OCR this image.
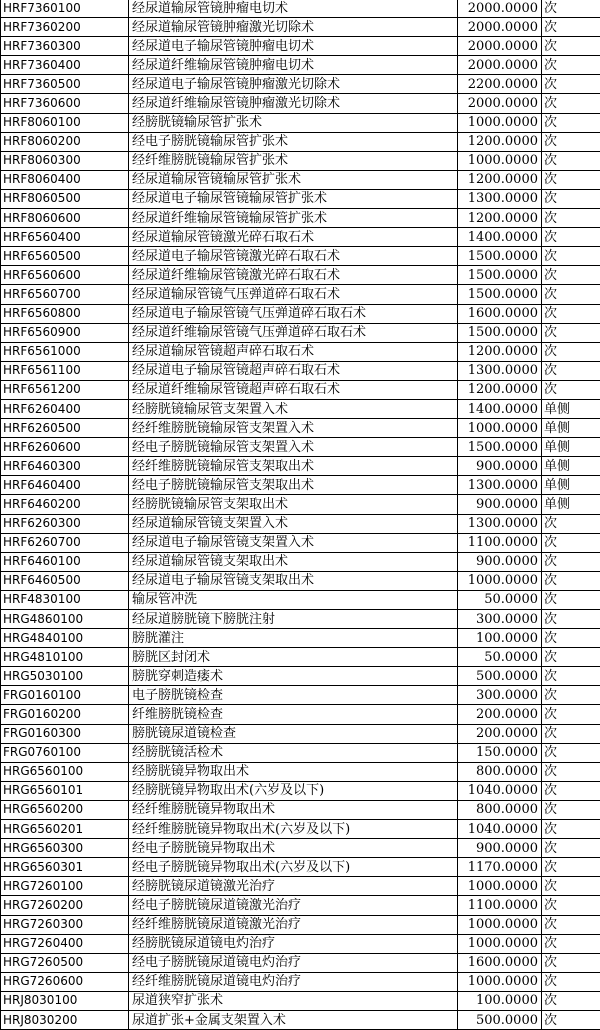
HRF7360100	经尿道输尿管镜肿瘤电切术	2000.0000	次
HRF7360200	经尿道输尿管镜肿瘤激光切除术	2000.0000	次
HRF7360300	经尿道电子输尿管镜肿瘤电切术	2000.0000	次
HRF7360400	经尿道纤维输尿管镜肿瘤电切术	2000.0000	次
HRF7360500	经尿道电子输尿管镜肿瘤激光切除术	2200.0000	次
HRF7360600	经尿道纤维输尿管镜肿瘤激光切除术	2000.0000	次
HRF8060100	经膀胱镜输尿管扩张术	1000.0000	次
HRF8060200	经电子膀胱镜输尿管扩张术	1200.0000	次
HRF8060300	经纤维膀胱镜输尿管扩张术	1000.0000	次
HRF8060400	经尿道输尿管镜输尿管扩张术	1200.0000	次
HRF8060500	经尿道电子输尿管镜输尿管扩张术	1300.0000	次
HRF8060600	经尿道纤维输尿管镜输尿管扩张术	1200.0000	次
HRF6560400	经尿道输尿管镜激光碎石取石术	1400.0000	次
HRF6560500	经尿道电子输尿管镜激光碎石取石术	1500.0000	次
HRF6560600	经尿道纤维输尿管镜激光碎石取石术	1500.0000	次
HRF6560700	经尿道输尿管镜气压弹道碎石取石术	1500.0000	次
HRF6560800	经尿道电子输尿管镜气压弹道碎石取石术	1600.0000	次
HRF6560900	经尿道纤维输尿管镜气压弹道碎石取石术	1500.0000	次
HRF6561000	经尿道输尿管镜超声碎石取石术	1200.0000	次
HRF6561100	经尿道电子输尿管镜超声碎石取石术	1300.0000	次
HRF6561200	经尿道纤维输尿管镜超声碎石取石术	1200.0000	次
HRF6260400	经膀胱镜输尿管支架置入术	1400.0000	单侧
HRF6260500	经纤维膀胱镜输尿管支架置入术	1000.0000	单侧
HRF6260600	经电子膀胱镜输尿管支架置入术	1500.0000	单侧
HRF6460300	经纤维膀胱镜输尿管支架取出术	900.0000	单侧
HRF6460400	经电子膀胱镜输尿管支架取出术	1300.0000	单侧
HRF6460200	经膀胱镜输尿管支架取出术	900.0000	单侧
HRF6260300	经尿道输尿管镜支架置入术	1300.0000	次
HRF6260700	经尿道电子输尿管镜支架置入术	1100.0000	次
HRF6460100	经尿道输尿管镜支架取出术	900.0000	次
HRF6460500	经尿道电子输尿管镜支架取出术	1000.0000	次
HRF4830100	输尿管冲洗	50.0000	次
HRG4860100	经尿道膀胱镜下膀胱注射	300.0000	次
HRG4840100	膀胱灌注	100.0000	次
HRG4810100	膀胱区封闭术	50.0000	次
HRG5030100	膀胱穿刺造瘘术	500.0000	次
FRG0160100	电子膀胱镜检查	300.0000	次
FRG0160200	纤维膀胱镜检查	200.0000	次
FRG0160300	膀胱镜尿道镜检查	200.0000	次
FRG0760100	经膀胱镜活检术	150.0000	次
HRG6560100	经膀胱镜异物取出术	800.0000	次
HRG6560101	经膀胱镜异物取出术(六岁及以下)	1040.0000	次
HRG6560200	经纤维膀胱镜异物取出术	800.0000	次
HRG6560201	经纤维膀胱镜异物取出术(六岁及以下)	1040.0000	次
HRG6560300	经电子膀胱镜异物取出术	900.0000	次
HRG6560301	经电子膀胱镜异物取出术(六岁及以下)	1170.0000	次
HRG7260100	经膀胱镜尿道镜激光治疗	1000.0000	次
HRG7260200	经电子膀胱镜尿道镜激光治疗	1100.0000	次
HRG7260300	经纤维膀胱镜尿道镜激光治疗	1000.0000	次
HRG7260400	经膀胱镜尿道镜电灼治疗	1000.0000	次
HRG7260500	经电子膀胱镜尿道镜电灼治疗	1600.0000	次
HRG7260600	经纤维膀胱镜尿道镜电灼治疗	1000.0000	次
HRJ8030100	尿道狭窄扩张术	100.0000	次
HRJ8030200	尿道扩张+金属支架置入术	500.0000	次
